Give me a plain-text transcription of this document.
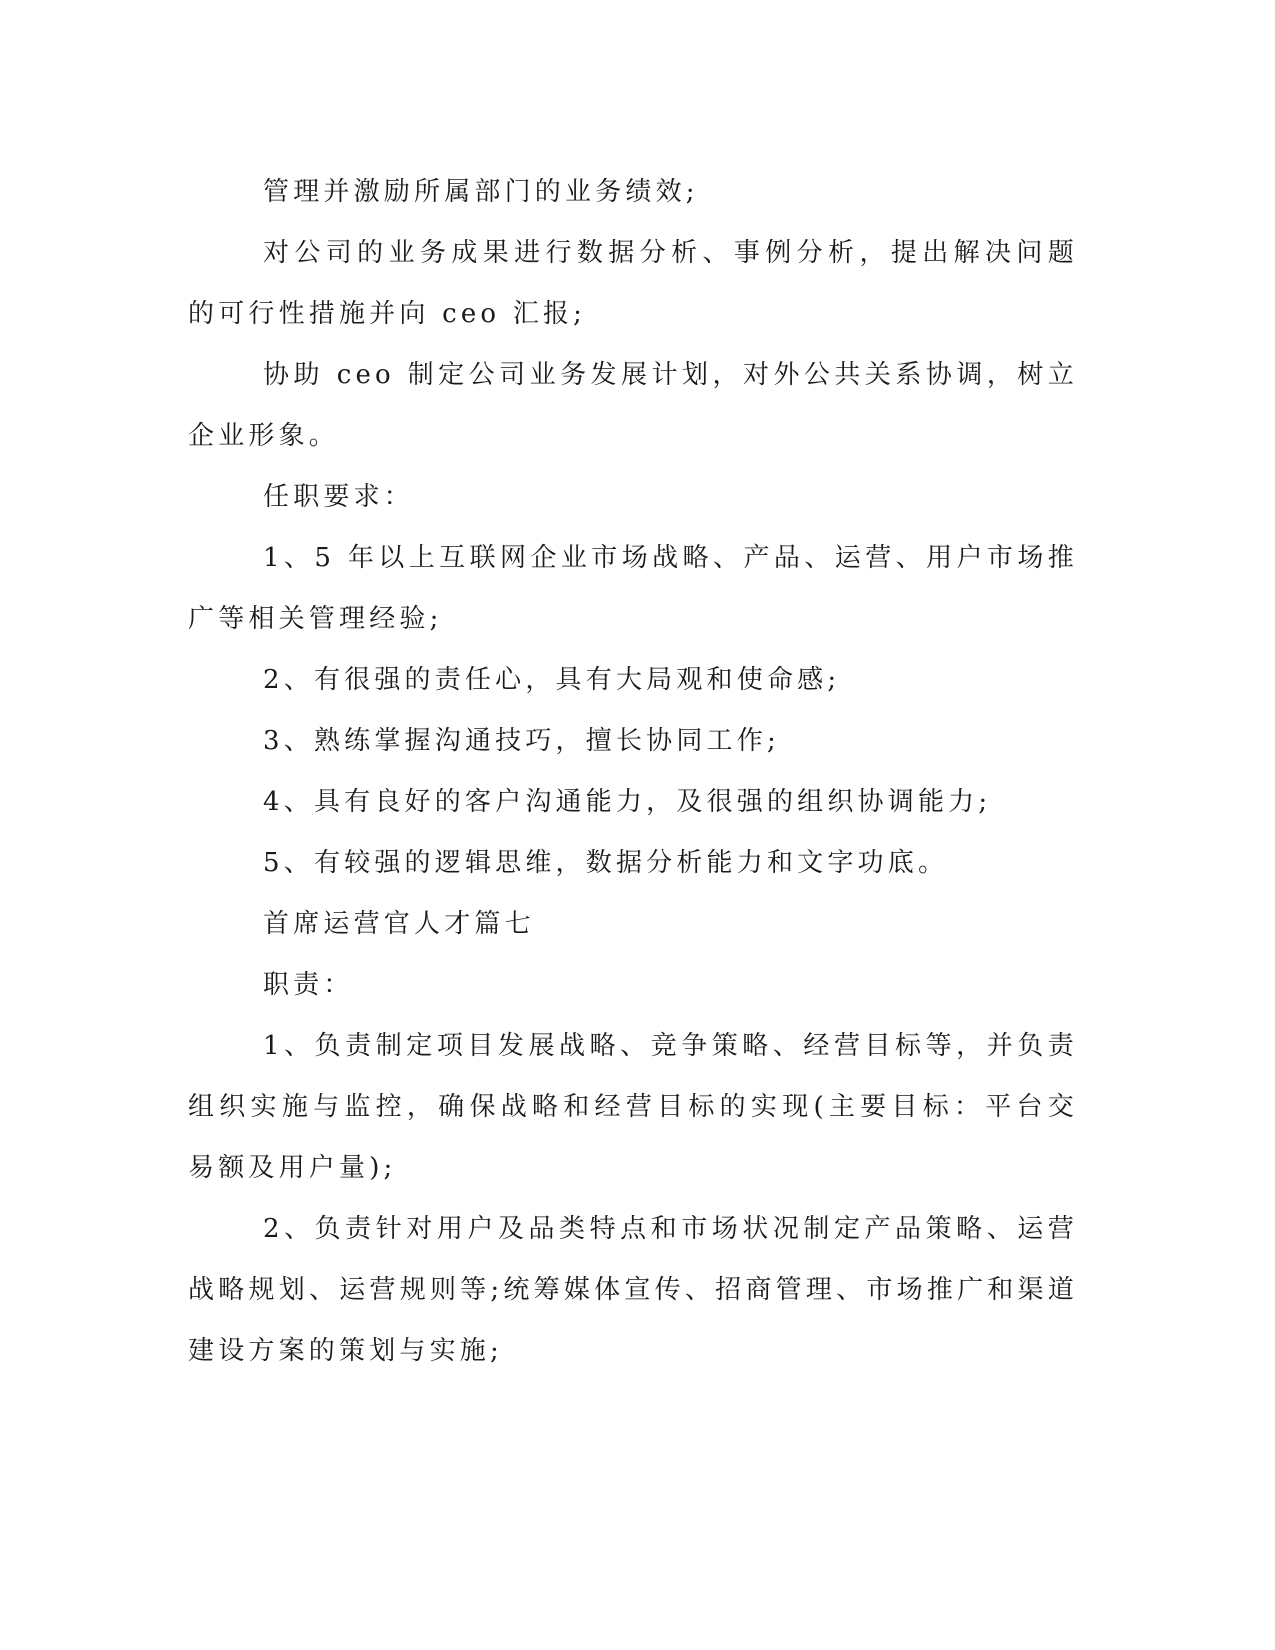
管理并激励所属部门的业务绩效;

对公司的业务成果进行数据分析、事例分析，提出解决问题的可行性措施并向 ceo 汇报;

协助 ceo 制定公司业务发展计划，对外公共关系协调，树立企业形象。

任职要求：

1、5 年以上互联网企业市场战略、产品、运营、用户市场推广等相关管理经验;

2、有很强的责任心，具有大局观和使命感;

3、熟练掌握沟通技巧，擅长协同工作;

4、具有良好的客户沟通能力，及很强的组织协调能力;

5、有较强的逻辑思维，数据分析能力和文字功底。

首席运营官人才篇七

职责：

1、负责制定项目发展战略、竞争策略、经营目标等，并负责组织实施与监控，确保战略和经营目标的实现(主要目标：平台交易额及用户量);

2、负责针对用户及品类特点和市场状况制定产品策略、运营战略规划、运营规则等;统筹媒体宣传、招商管理、市场推广和渠道建设方案的策划与实施;
